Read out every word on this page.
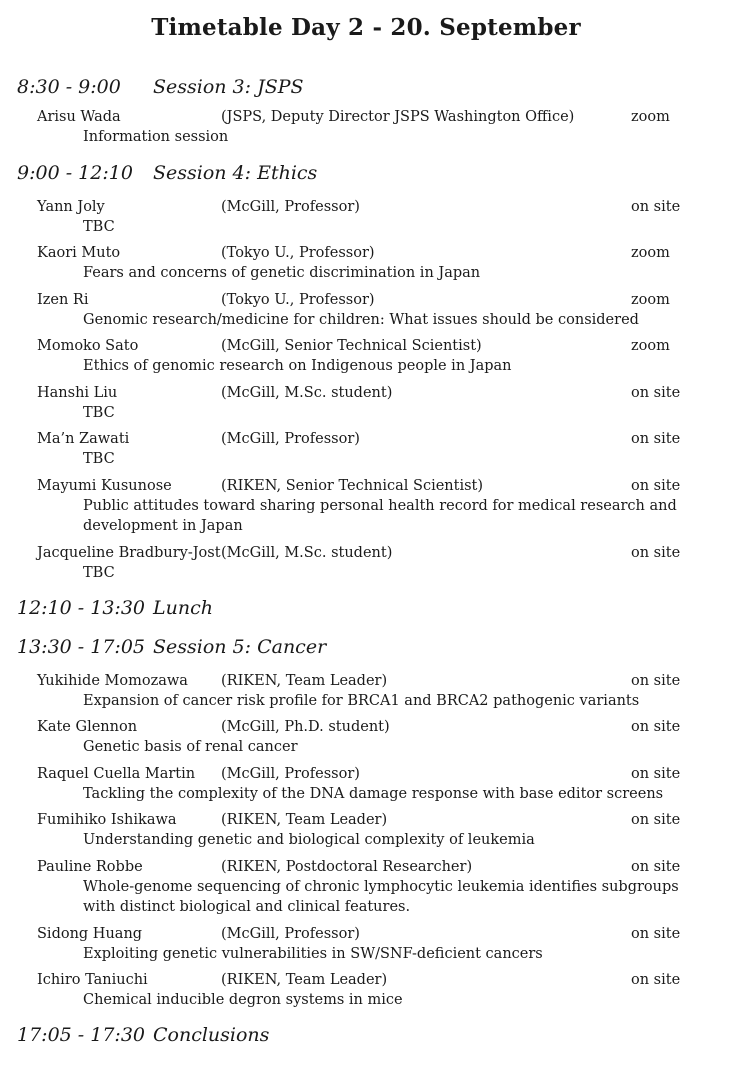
Timetable Day 2 - 20. September
8:30 - 9:00 Session 3: JSPS
Arisu Wada	(JSPS, Deputy Director JSPS Washington Office)	zoom
Information session
9:00 - 12:10 Session 4: Ethics
Yann Joly	(McGill, Professor)	on site
TBC
Kaori Muto	(Tokyo U., Professor)	zoom
Fears and concerns of genetic discrimination in Japan
Izen Ri	(Tokyo U., Professor)	zoom
Genomic research/medicine for children: What issues should be considered
Momoko Sato	(McGill, Senior Technical Scientist)	zoom
Ethics of genomic research on Indigenous people in Japan
Hanshi Liu	(McGill, M.Sc. student)	on site
TBC
Ma’n Zawati	(McGill, Professor)	on site
TBC
Mayumi Kusunose	(RIKEN, Senior Technical Scientist)	on site
Public attitudes toward sharing personal health record for medical research and development in Japan
Jacqueline Bradbury-Jost (McGill, M.Sc. student)	on site
TBC
12:10 - 13:30 Lunch
13:30 - 17:05 Session 5: Cancer
Yukihide Momozawa (RIKEN, Team Leader)	on site
Expansion of cancer risk profile for BRCA1 and BRCA2 pathogenic variants
Kate Glennon	(McGill, Ph.D. student)	on site
Genetic basis of renal cancer
Raquel Cuella Martin (McGill, Professor)	on site
Tackling the complexity of the DNA damage response with base editor screens
Fumihiko Ishikawa	(RIKEN, Team Leader)	on site
Understanding genetic and biological complexity of leukemia
Pauline Robbe	(RIKEN, Postdoctoral Researcher)	on site
Whole-genome sequencing of chronic lymphocytic leukemia identifies subgroups with distinct biological and clinical features.
Sidong Huang	(McGill, Professor)	on site
Exploiting genetic vulnerabilities in SW/SNF-deficient cancers
Ichiro Taniuchi	(RIKEN, Team Leader)	on site
Chemical inducible degron systems in mice
17:05 - 17:30 Conclusions
